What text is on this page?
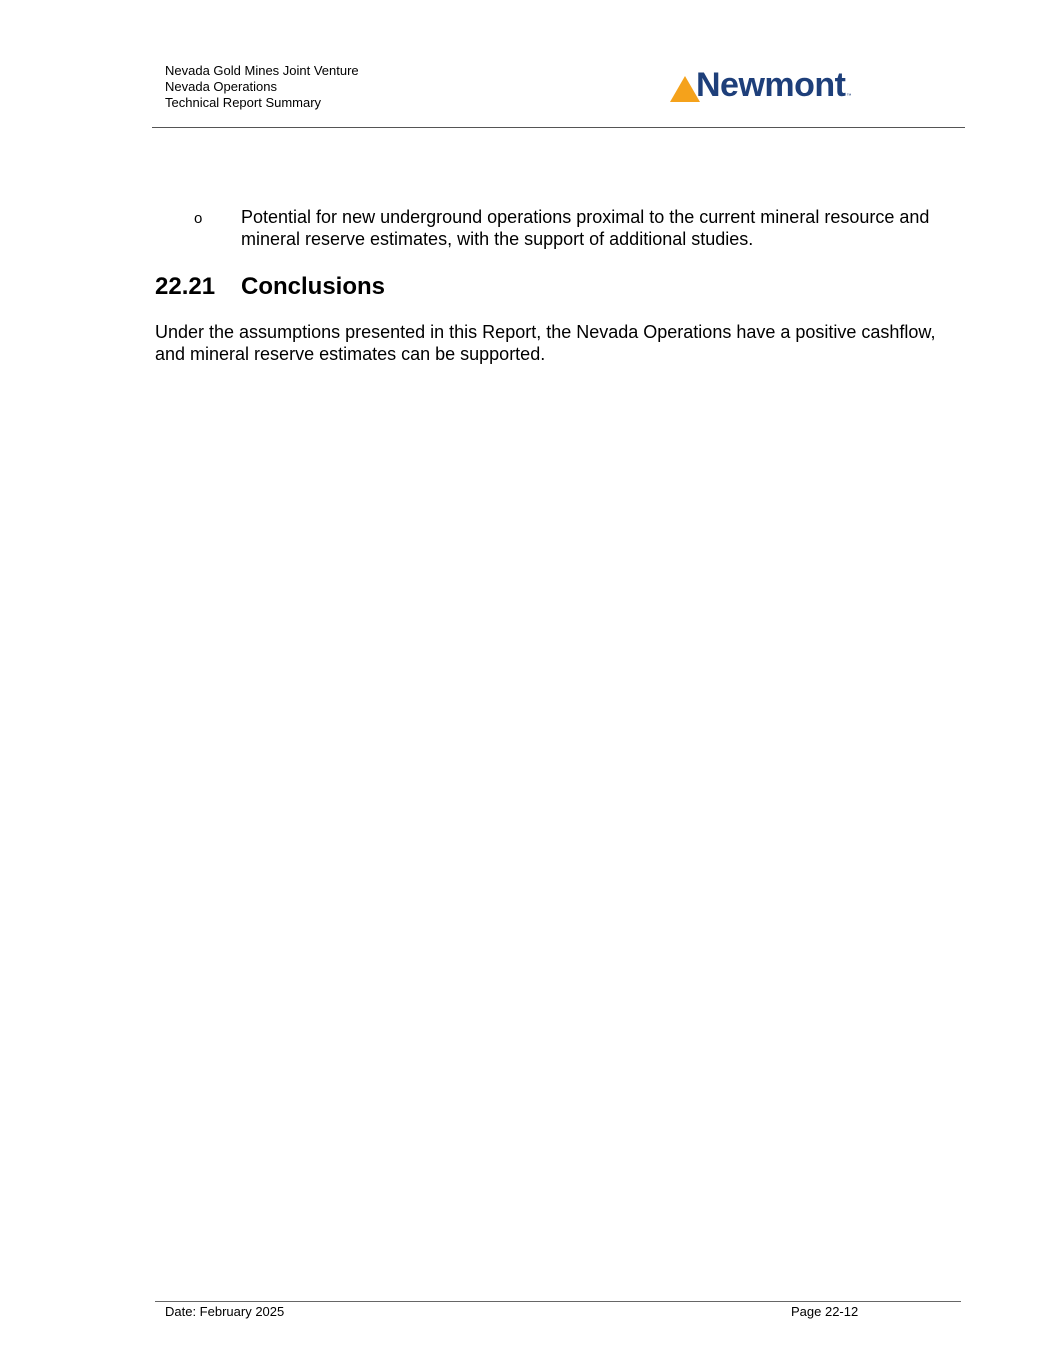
Nevada Gold Mines Joint Venture
Nevada Operations
Technical Report Summary	Newmont ™
o Potential for new underground operations proximal to the current mineral resource and mineral reserve estimates, with the support of additional studies.
22.21 Conclusions
Under the assumptions presented in this Report, the Nevada Operations have a positive cashflow, and mineral reserve estimates can be supported.
Date: February 2025	Page 22-12
